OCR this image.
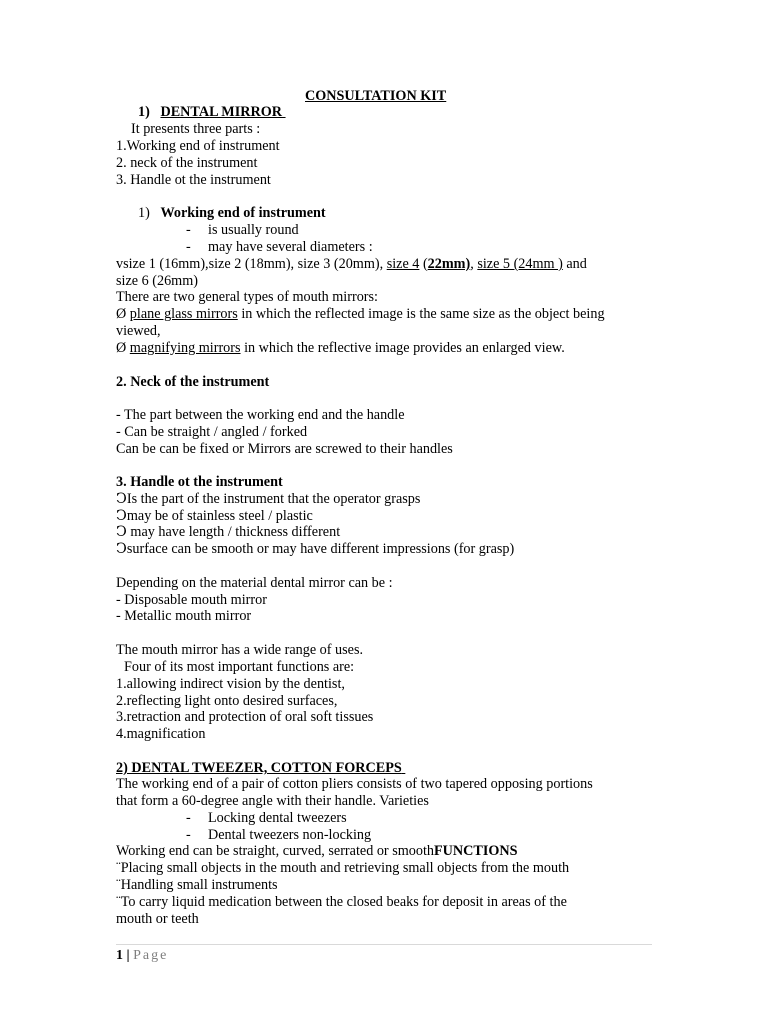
CONSULTATION KIT
1) DENTAL MIRROR
It presents three parts :
1.Working end of instrument
2. neck of the instrument
3. Handle ot the instrument
1) Working end of instrument
- is usually round
- may have several diameters :
vsize 1 (16mm),size 2 (18mm), size 3 (20mm), size 4 (22mm), size 5 (24mm ) and
size 6 (26mm)
There are two general types of mouth mirrors:
Ø plane glass mirrors in which the reflected image is the same size as the object being
viewed,
Ø magnifying mirrors in which the reflective image provides an enlarged view.
2. Neck of the instrument
- The part between the working end and the handle
- Can be straight / angled / forked
Can be can be fixed or Mirrors are screwed to their handles
3. Handle ot the instrument
ↃIs the part of the instrument that the operator grasps
Ↄmay be of stainless steel / plastic
Ↄ may have length / thickness different
Ↄsurface can be smooth or may have different impressions (for grasp)
Depending on the material dental mirror can be :
- Disposable mouth mirror
- Metallic mouth mirror
The mouth mirror has a wide range of uses.
Four of its most important functions are:
1.allowing indirect vision by the dentist,
2.reflecting light onto desired surfaces,
3.retraction and protection of oral soft tissues
4.magnification
2) DENTAL TWEEZER, COTTON FORCEPS
The working end of a pair of cotton pliers consists of two tapered opposing portions
that form a 60-degree angle with their handle. Varieties
- Locking dental tweezers
- Dental tweezers non-locking
Working end can be straight, curved, serrated or smoothFUNCTIONS
¨Placing small objects in the mouth and retrieving small objects from the mouth
¨Handling small instruments
¨To carry liquid medication between the closed beaks for deposit in areas of the
mouth or teeth
1 | Page
